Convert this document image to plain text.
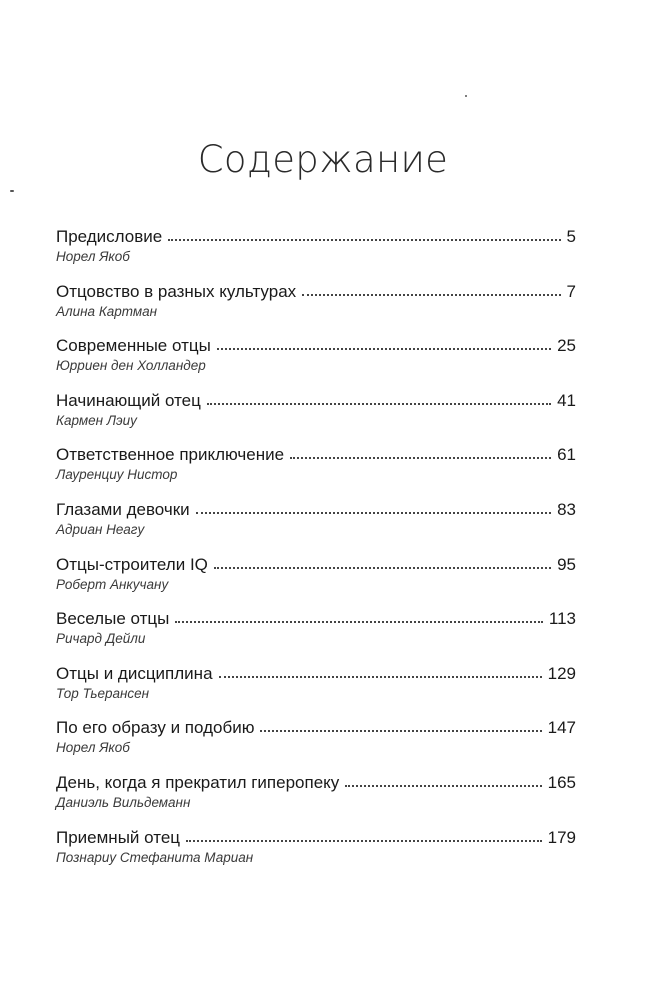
Содержание
Предисловие	5
Норел Якоб
Отцовство в разных культурах	7
Алина Картман
Современные отцы	25
Юрриен ден Холландер
Начинающий отец	41
Кармен Лэиу
Ответственное приключение	61
Лауренциу Нистор
Глазами девочки	83
Адриан Неагу
Отцы-строители IQ	95
Роберт Анкучану
Веселые отцы	113
Ричард Дейли
Отцы и дисциплина	129
Тор Тьерансен
По его образу и подобию	147
Норел Якоб
День, когда я прекратил гиперопеку	165
Даниэль Вильдеманн
Приемный отец	179
Познариу Стефанита Мариан
